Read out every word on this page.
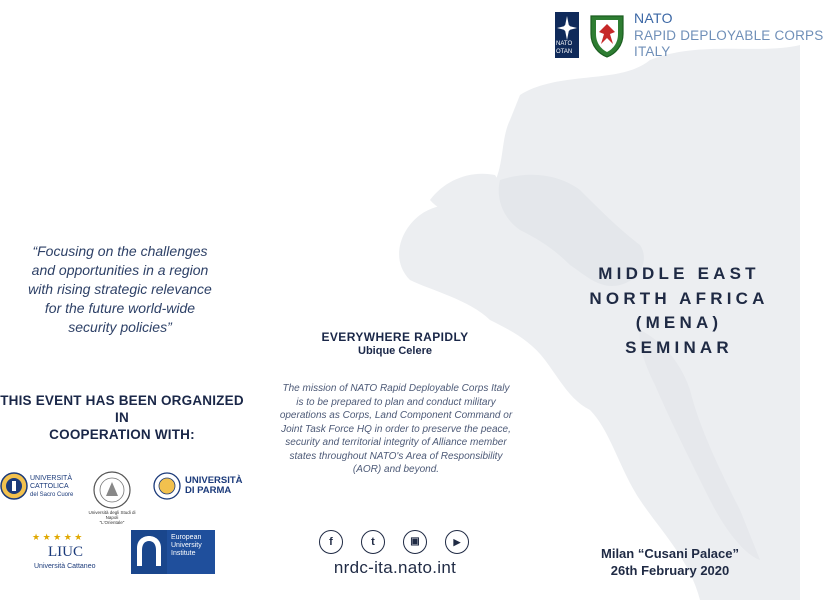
NATO
OTAN
NATO
RAPID DEPLOYABLE CORPS
ITALY
“Focusing on the challenges and opportunities in a region with rising strategic relevance for the future world-wide security policies”
THIS EVENT HAS BEEN ORGANIZED IN
COOPERATION WITH:
UNIVERSITÀ
CATTOLICA
del Sacro Cuore
Università degli Studi di Napoli
"L'Orientale"
UNIVERSITÀ
DI PARMA
★ ★ ★ ★ ★
LIUC
Università Cattaneo
European
University
Institute
EVERYWHERE RAPIDLY
Ubique Celere
The mission of NATO Rapid Deployable Corps Italy is to be prepared to plan and conduct military operations as Corps, Land Component Command or Joint Task Force HQ in order to preserve the peace, security and territorial integrity of Alliance member states throughout NATO's Area of Responsibility (AOR) and beyond.
MIDDLE EAST
NORTH AFRICA
(MENA)
SEMINAR
f	t	▣	▶
nrdc-ita.nato.int
Milan “Cusani Palace”
26th February 2020
